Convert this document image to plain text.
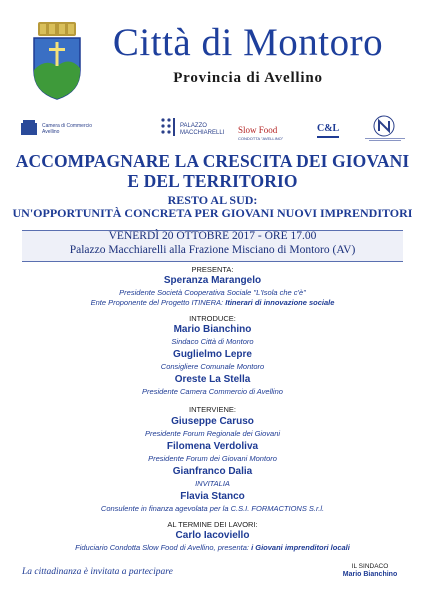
Città di Montoro
Provincia di Avellino
Camera di Commercio
Avellino
PALAZZO
MACCHIARELLI Slow Food
CONDOTTA "AVELLINO"
C&L
ACCOMPAGNARE LA CRESCITA DEI GIOVANI
E DEL TERRITORIO
RESTO AL SUD:
UN'OPPORTUNITÀ CONCRETA PER GIOVANI NUOVI IMPRENDITORI
VENERDÌ 20 OTTOBRE 2017 - ORE 17.00
Palazzo Macchiarelli alla Frazione Misciano di Montoro (AV)
PRESENTA:
Speranza Marangelo
Presidente Società Cooperativa Sociale "L'Isola che c'è"
Ente Proponente del Progetto ITINERA: Itinerari di innovazione sociale
INTRODUCE:
Mario Bianchino
Sindaco Città di Montoro
Guglielmo Lepre
Consigliere Comunale Montoro
Oreste La Stella
Presidente Camera Commercio di Avellino
INTERVIENE:
Giuseppe Caruso
Presidente Forum Regionale dei Giovani
Filomena Verdoliva
Presidente Forum dei Giovani Montoro
Gianfranco Dalia
INVITALIA
Flavia Stanco
Consulente in finanza agevolata per la C.S.I. FORMACTIONS S.r.l.
AL TERMINE DEI LAVORI:
Carlo Iacoviello
Fiduciario Condotta Slow Food di Avellino, presenta: i Giovani imprenditori locali
La cittadinanza è invitata a partecipare
IL SINDACO
Mario Bianchino
